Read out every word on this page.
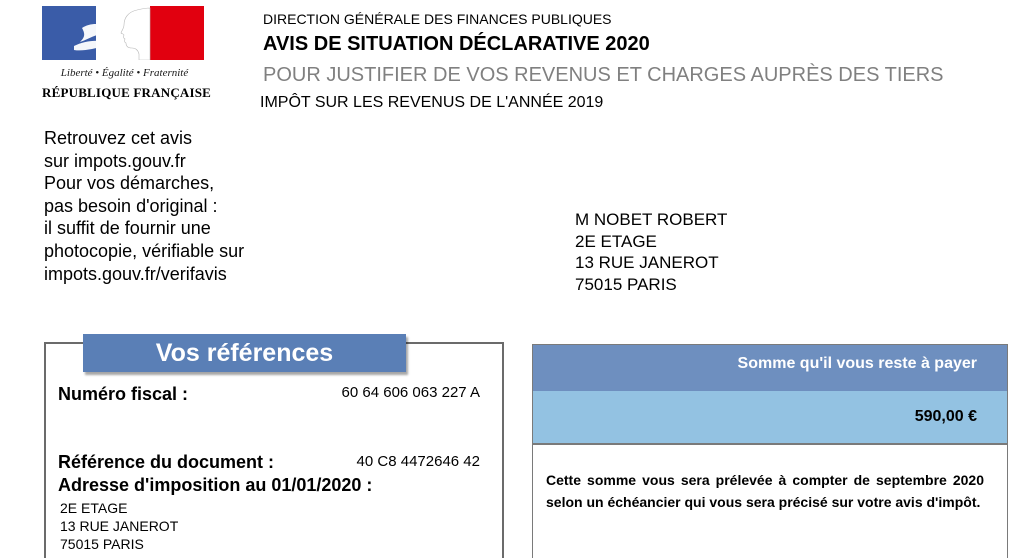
Liberté • Égalité • Fraternité
RÉPUBLIQUE FRANÇAISE
DIRECTION GÉNÉRALE DES FINANCES PUBLIQUES
AVIS DE SITUATION DÉCLARATIVE 2020
POUR JUSTIFIER DE VOS REVENUS ET CHARGES AUPRÈS DES TIERS
IMPÔT SUR LES REVENUS DE L'ANNÉE 2019
Retrouvez cet avis
sur impots.gouv.fr
Pour vos démarches,
pas besoin d'original :
il suffit de fournir une
photocopie, vérifiable sur
impots.gouv.fr/verifavis
M NOBET ROBERT
2E ETAGE
13 RUE JANEROT
75015 PARIS
Vos références
Numéro fiscal :	60 64 606 063 227 A
Référence du document :	40 C8 4472646 42
Adresse d'imposition au 01/01/2020 :
2E ETAGE
13 RUE JANEROT
75015 PARIS
Somme qu'il vous reste à payer
590,00 €
Cette somme vous sera prélevée à compter de septembre 2020 selon un échéancier qui vous sera précisé sur votre avis d'impôt.
